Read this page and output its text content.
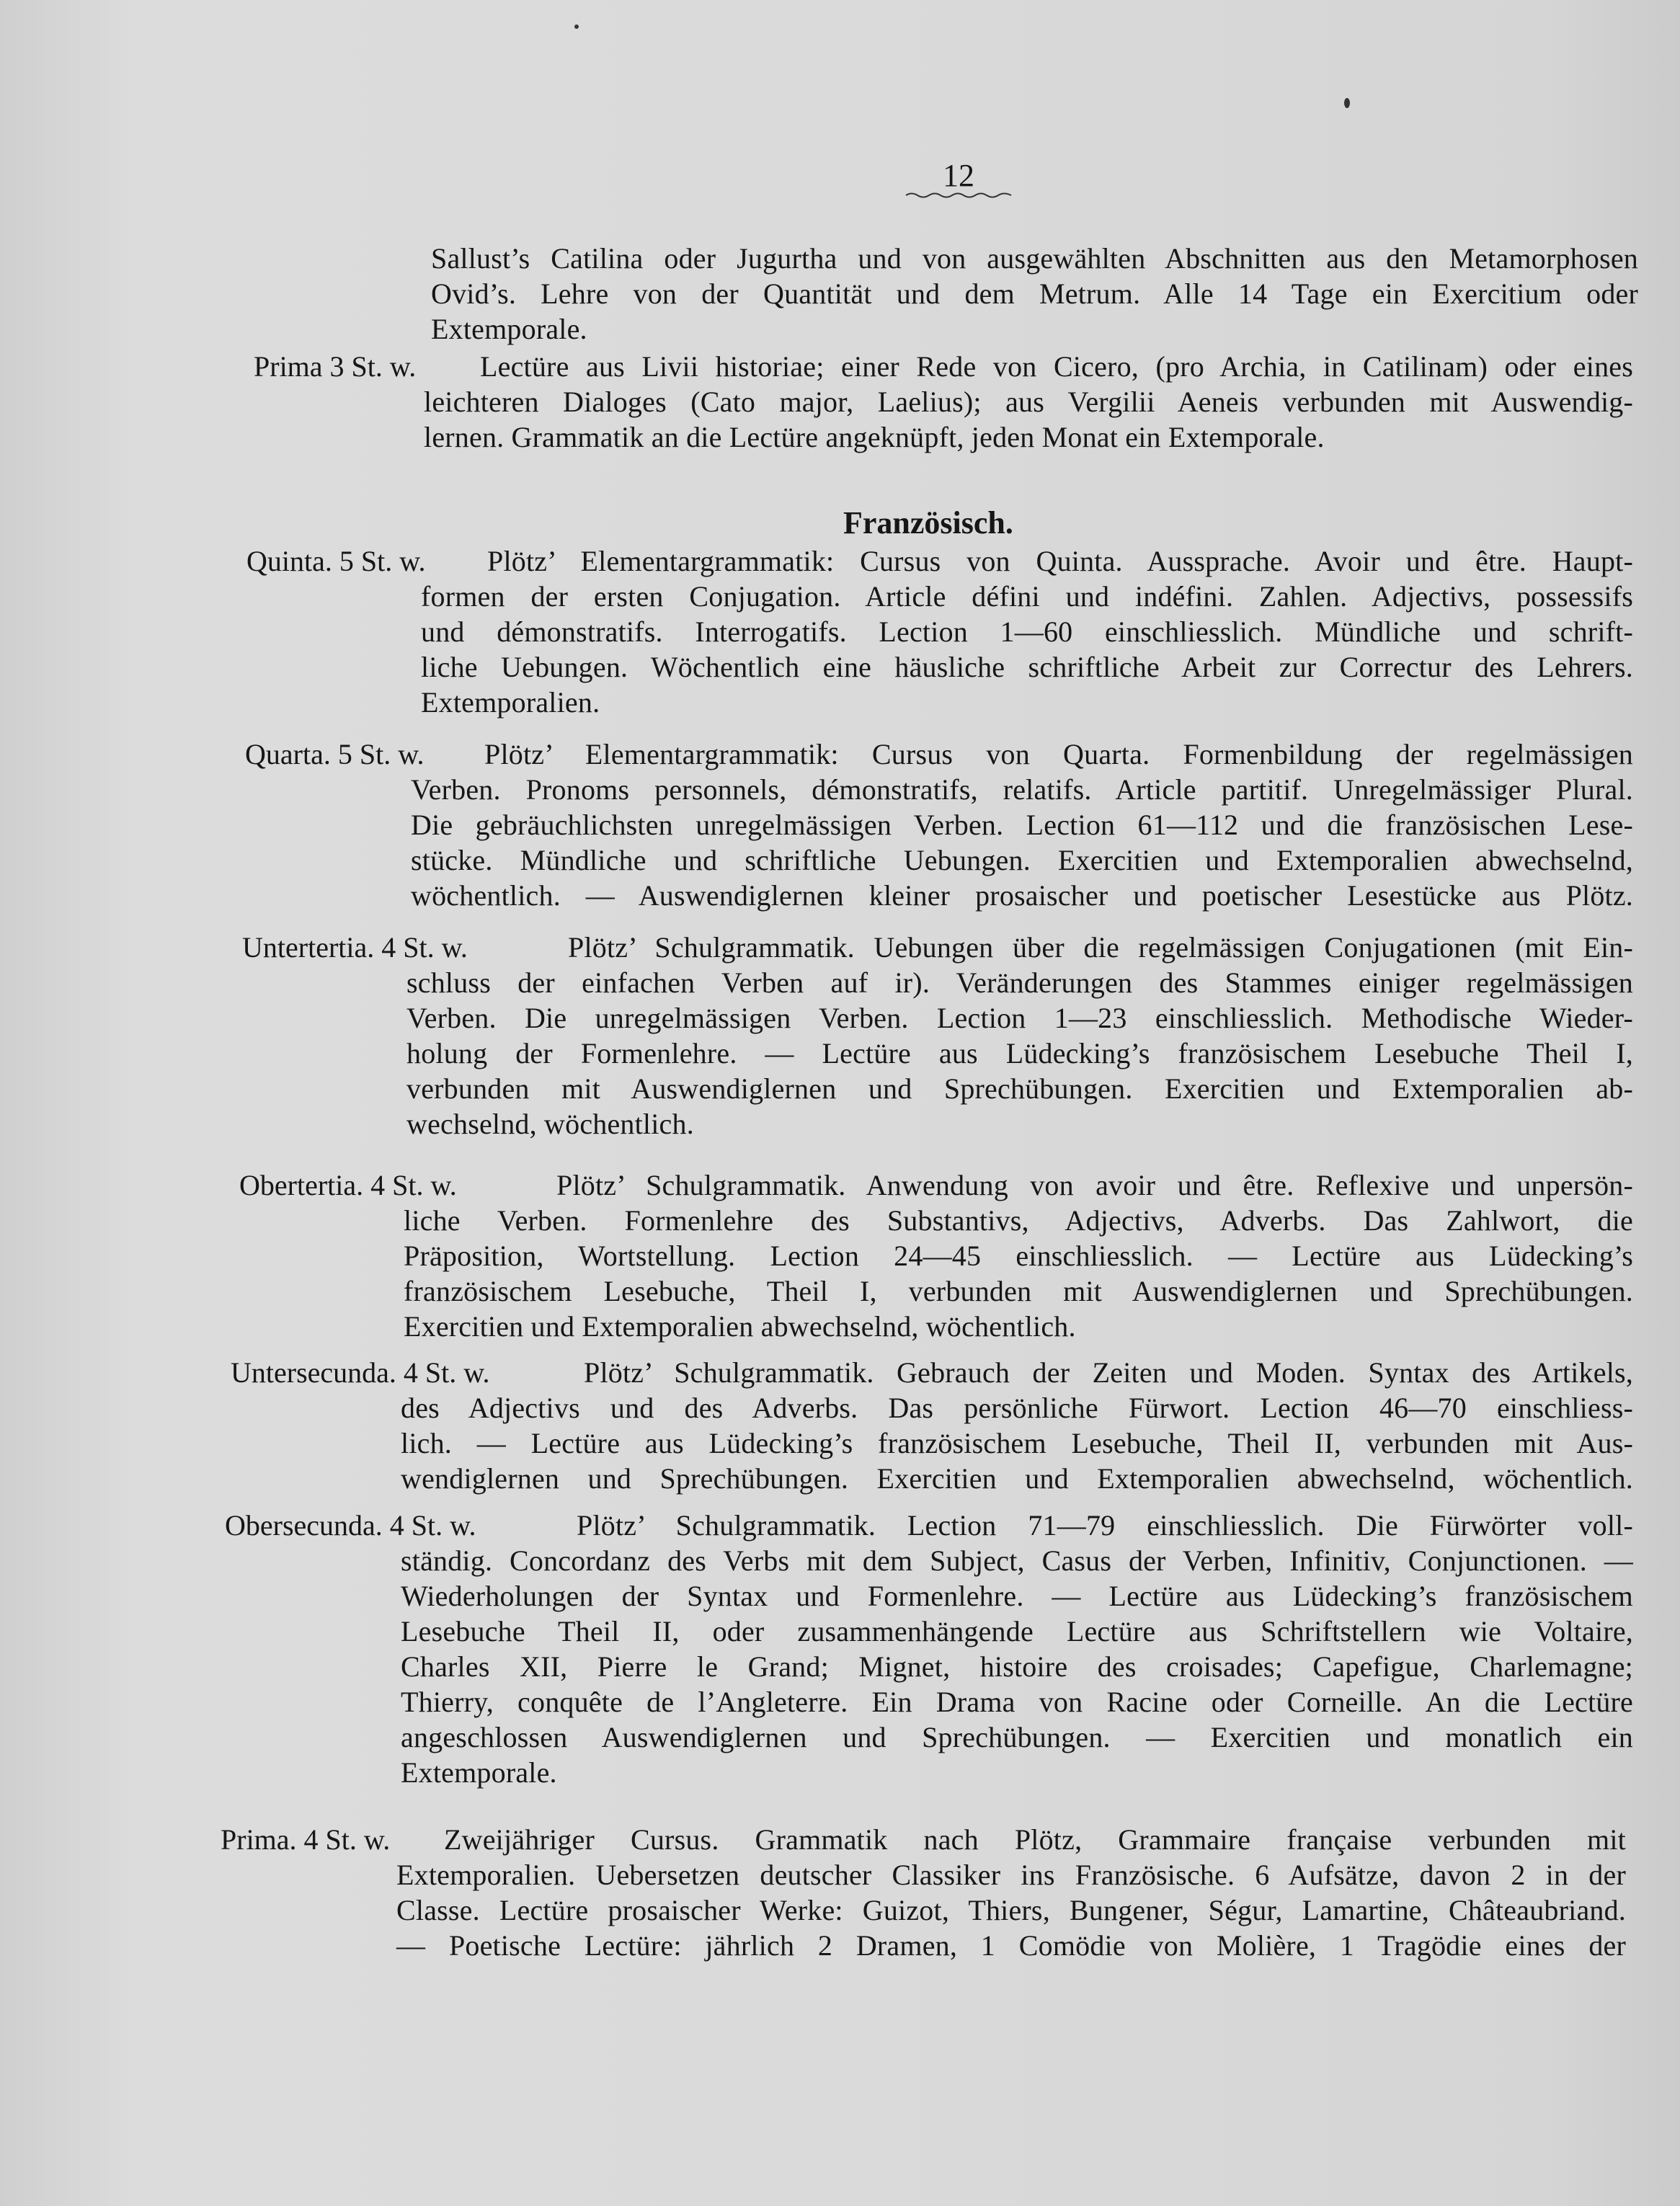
12
Sallust’s Catilina oder Jugurtha und von ausgewählten Abschnitten aus den Metamorphosen
Ovid’s. Lehre von der Quantität und dem Metrum. Alle 14 Tage ein Exercitium oder
Extemporale.
Prima 3 St. w. Lectüre aus Livii historiae; einer Rede von Cicero, (pro Archia, in Catilinam) oder eines
leichteren Dialoges (Cato major, Laelius); aus Vergilii Aeneis verbunden mit Auswendig-
lernen. Grammatik an die Lectüre angeknüpft, jeden Monat ein Extemporale.
Französisch.
Quinta. 5 St. w. Plötz’ Elementargrammatik: Cursus von Quinta. Aussprache. Avoir und être. Haupt-
formen der ersten Conjugation. Article défini und indéfini. Zahlen. Adjectivs, possessifs
und démonstratifs. Interrogatifs. Lection 1—60 einschliesslich. Mündliche und schrift-
liche Uebungen. Wöchentlich eine häusliche schriftliche Arbeit zur Correctur des Lehrers.
Extemporalien.
Quarta. 5 St. w. Plötz’ Elementargrammatik: Cursus von Quarta. Formenbildung der regelmässigen
Verben. Pronoms personnels, démonstratifs, relatifs. Article partitif. Unregelmässiger Plural.
Die gebräuchlichsten unregelmässigen Verben. Lection 61—112 und die französischen Lese-
stücke. Mündliche und schriftliche Uebungen. Exercitien und Extemporalien abwechselnd,
wöchentlich. — Auswendiglernen kleiner prosaischer und poetischer Lesestücke aus Plötz.
Untertertia. 4 St. w.	Plötz’ Schulgrammatik. Uebungen über die regelmässigen Conjugationen (mit Ein-
schluss der einfachen Verben auf ir). Veränderungen des Stammes einiger regelmässigen
Verben. Die unregelmässigen Verben. Lection 1—23 einschliesslich. Methodische Wieder-
holung der Formenlehre. — Lectüre aus Lüdecking’s französischem Lesebuche Theil I,
verbunden mit Auswendiglernen und Sprechübungen. Exercitien und Extemporalien ab-
wechselnd, wöchentlich.
Obertertia. 4 St. w.	Plötz’ Schulgrammatik. Anwendung von avoir und être. Reflexive und unpersön-
liche Verben. Formenlehre des Substantivs, Adjectivs, Adverbs. Das Zahlwort, die
Präposition, Wortstellung. Lection 24—45 einschliesslich. — Lectüre aus Lüdecking’s
französischem Lesebuche, Theil I, verbunden mit Auswendiglernen und Sprechübungen.
Exercitien und Extemporalien abwechselnd, wöchentlich.
Untersecunda. 4 St. w.	Plötz’ Schulgrammatik. Gebrauch der Zeiten und Moden. Syntax des Artikels,
des Adjectivs und des Adverbs. Das persönliche Fürwort. Lection 46—70 einschliess-
lich. — Lectüre aus Lüdecking’s französischem Lesebuche, Theil II, verbunden mit Aus-
wendiglernen und Sprechübungen. Exercitien und Extemporalien abwechselnd, wöchentlich.
Obersecunda. 4 St. w.	Plötz’ Schulgrammatik. Lection 71—79 einschliesslich. Die Fürwörter voll-
ständig. Concordanz des Verbs mit dem Subject, Casus der Verben, Infinitiv, Conjunctionen. —
Wiederholungen der Syntax und Formenlehre. — Lectüre aus Lüdecking’s französischem
Lesebuche Theil II, oder zusammenhängende Lectüre aus Schriftstellern wie Voltaire,
Charles XII, Pierre le Grand; Mignet, histoire des croisades; Capefigue, Charlemagne;
Thierry, conquête de l’Angleterre. Ein Drama von Racine oder Corneille. An die Lectüre
angeschlossen Auswendiglernen und Sprechübungen. — Exercitien und monatlich ein
Extemporale.
Prima. 4 St. w. Zweijähriger Cursus. Grammatik nach Plötz, Grammaire française verbunden mit
Extemporalien. Uebersetzen deutscher Classiker ins Französische. 6 Aufsätze, davon 2 in der
Classe. Lectüre prosaischer Werke: Guizot, Thiers, Bungener, Ségur, Lamartine, Châteaubriand.
— Poetische Lectüre: jährlich 2 Dramen, 1 Comödie von Molière, 1 Tragödie eines der
